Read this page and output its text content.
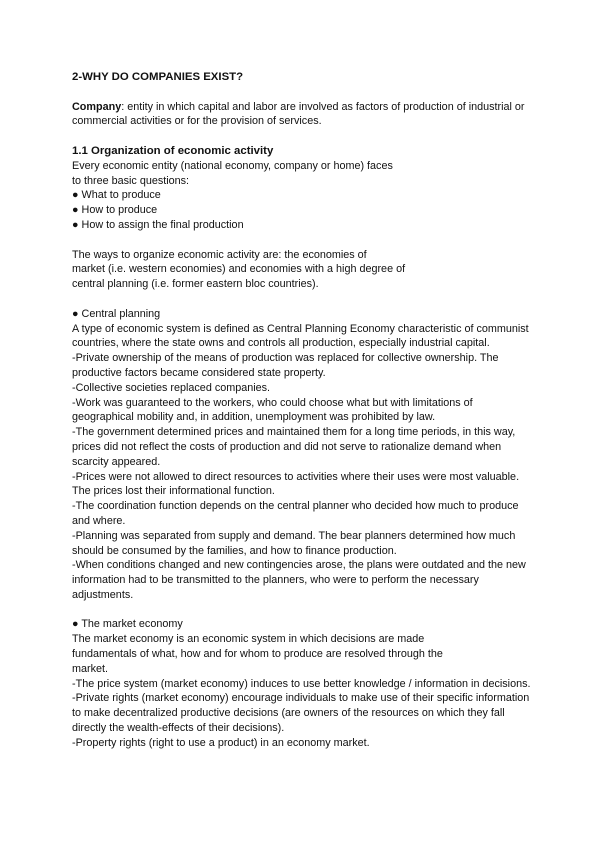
2-WHY DO COMPANIES EXIST?

Company: entity in which capital and labor are involved as factors of production of industrial or commercial activities or for the provision of services.

1.1 Organization of economic activity

Every economic entity (national economy, company or home) faces

to three basic questions:

● What to produce

● How to produce

● How to assign the final production

The ways to organize economic activity are: the economies of

market (i.e. western economies) and economies with a high degree of

central planning (i.e. former eastern bloc countries).

● Central planning

A type of economic system is defined as Central Planning Economy characteristic of communist countries, where the state owns and controls all production, especially industrial capital.

-Private ownership of the means of production was replaced for collective ownership. The productive factors became considered state property.

-Collective societies replaced companies.

-Work was guaranteed to the workers, who could choose what but with limitations of geographical mobility and, in addition, unemployment was prohibited by law.

-The government determined prices and maintained them for a long time periods, in this way, prices did not reflect the costs of production and did not serve to rationalize demand when scarcity appeared.

-Prices were not allowed to direct resources to activities where their uses were most valuable. The prices lost their informational function.

-The coordination function depends on the central planner who decided how much to produce and where.

-Planning was separated from supply and demand. The bear planners determined how much should be consumed by the families, and how to finance production.

-When conditions changed and new contingencies arose, the plans were outdated and the new information had to be transmitted to the planners, who were to perform the necessary adjustments.

● The market economy

The market economy is an economic system in which decisions are made

fundamentals of what, how and for whom to produce are resolved through the

market.

-The price system (market economy) induces to use better knowledge / information in decisions.

-Private rights (market economy) encourage individuals to make use of their specific information to make decentralized productive decisions (are owners of the resources on which they fall directly the wealth-effects of their decisions).

-Property rights (right to use a product) in an economy market.
